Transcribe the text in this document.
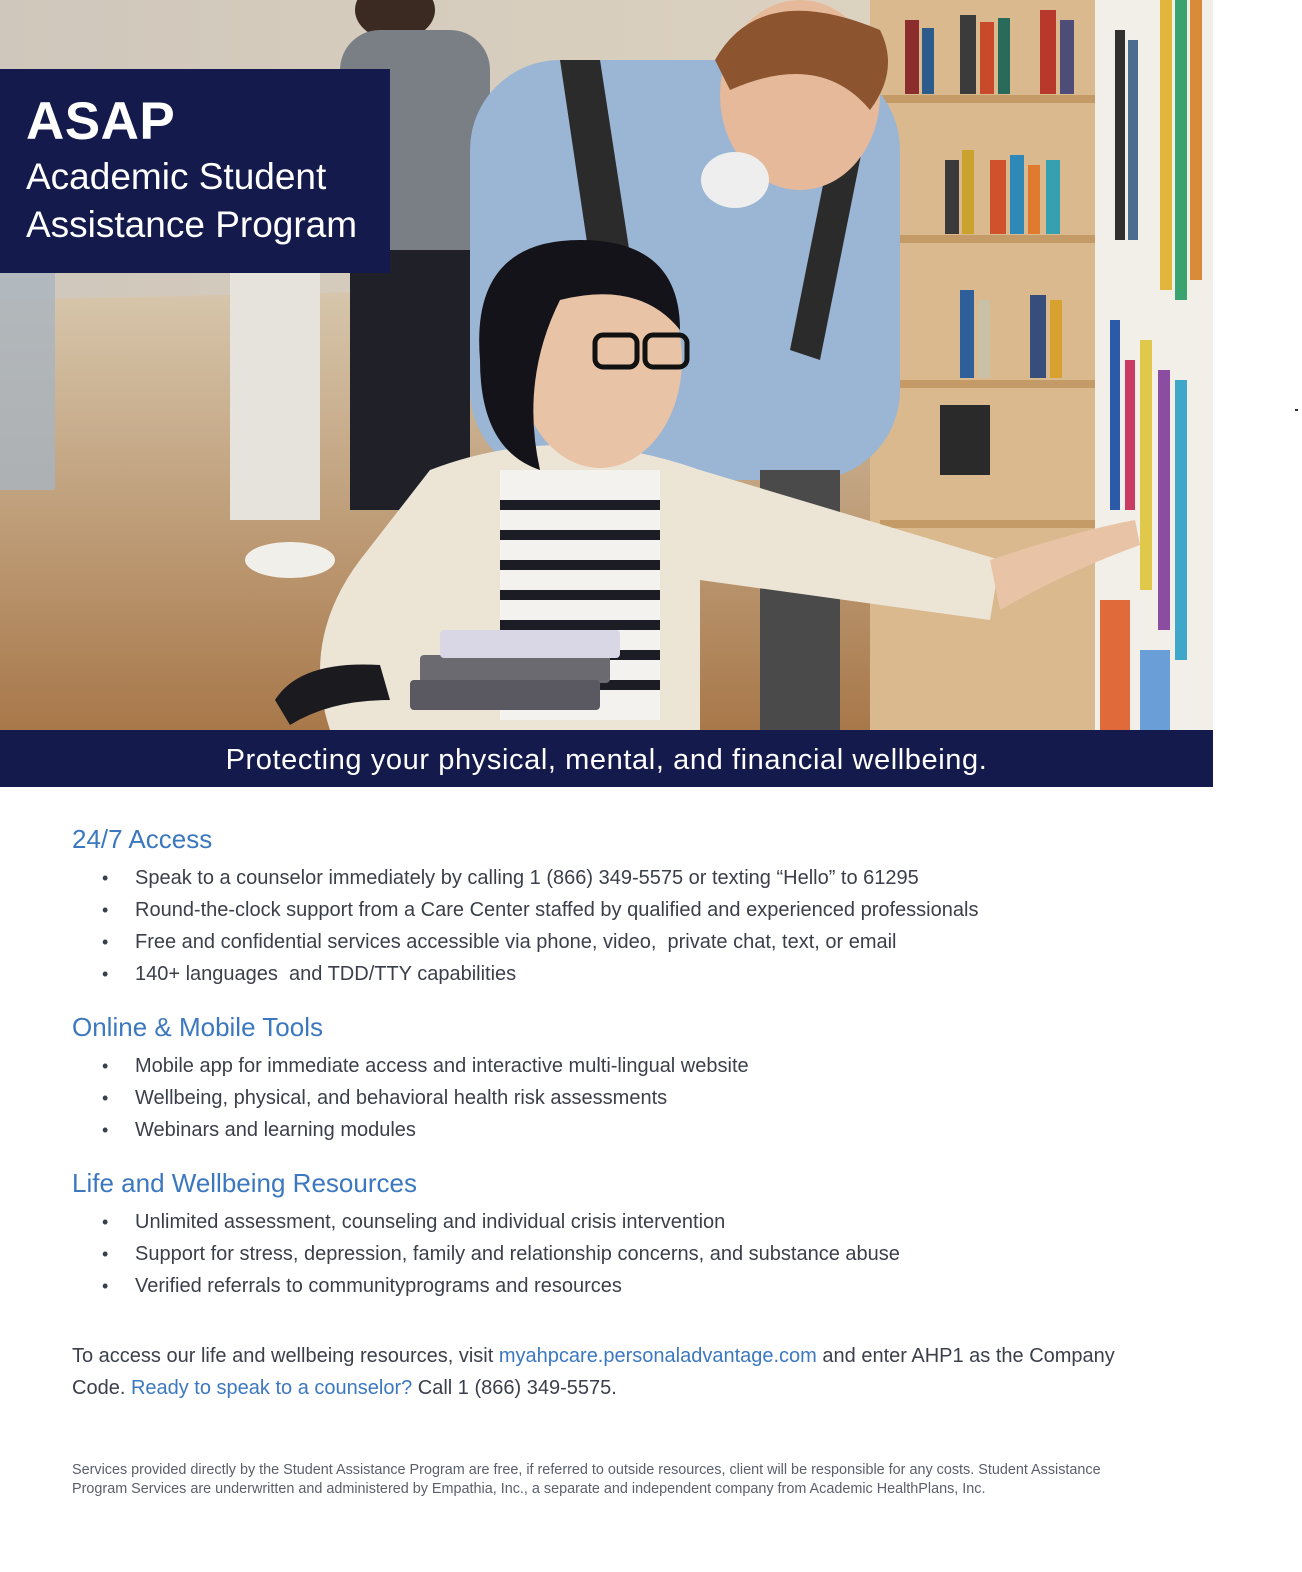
ASAP
Academic Student
Assistance Program
Protecting your physical, mental, and financial wellbeing.
24/7 Access
• Speak to a counselor immediately by calling 1 (866) 349-5575 or texting “Hello” to 61295
• Round-the-clock support from a Care Center staffed by qualified and experienced professionals
• Free and confidential services accessible via phone, video,  private chat, text, or email
• 140+ languages  and TDD/TTY capabilities
Online & Mobile Tools
• Mobile app for immediate access and interactive multi-lingual website
• Wellbeing, physical, and behavioral health risk assessments
• Webinars and learning modules
Life and Wellbeing Resources
• Unlimited assessment, counseling and individual crisis intervention
• Support for stress, depression, family and relationship concerns, and substance abuse
• Verified referrals to communityprograms and resources

To access our life and wellbeing resources, visit myahpcare.personaladvantage.com and enter AHP1 as the Company Code. Ready to speak to a counselor? Call 1 (866) 349-5575.

Services provided directly by the Student Assistance Program are free, if referred to outside resources, client will be responsible for any costs. Student Assistance Program Services are underwritten and administered by Empathia, Inc., a separate and independent company from Academic HealthPlans, Inc.
